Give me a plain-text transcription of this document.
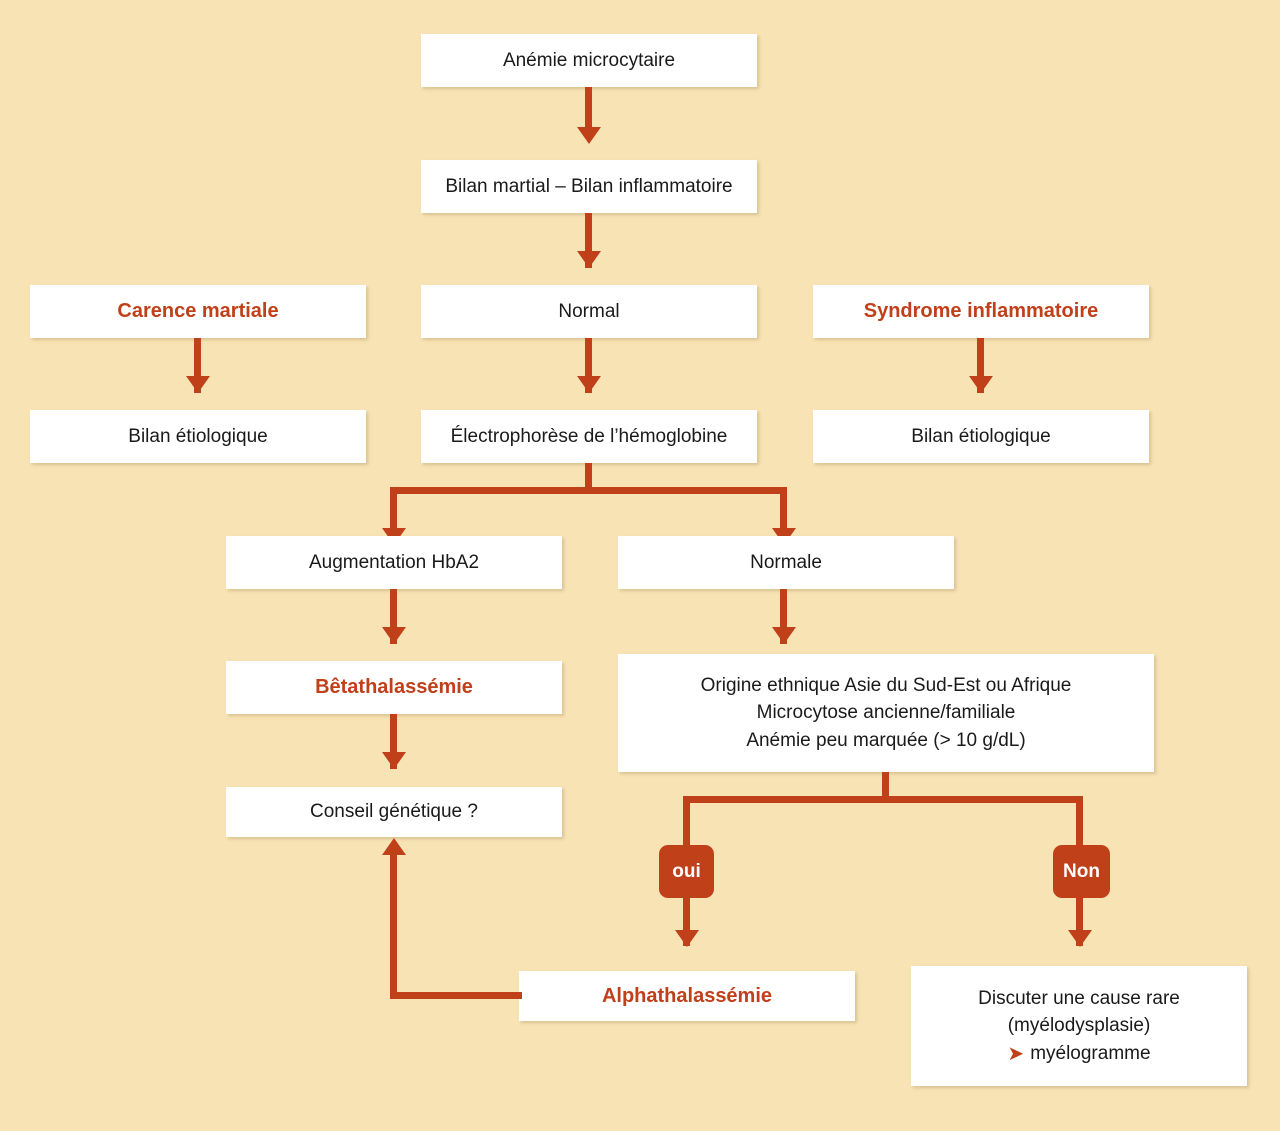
Anémie microcytaire
Bilan martial – Bilan inflammatoire
Carence martiale	Normal	Syndrome inflammatoire
Bilan étiologique	Électrophorèse de l’hémoglobine	Bilan étiologique
Augmentation HbA2	Normale
Bêtathalassémie	Origine ethnique Asie du Sud-Est ou Afrique
Microcytose ancienne/familiale
Anémie peu marquée (> 10 g/dL)
Conseil génétique ?
oui	Non
Alphathalassémie	Discuter une cause rare
(myélodysplasie)
➤ myélogramme
